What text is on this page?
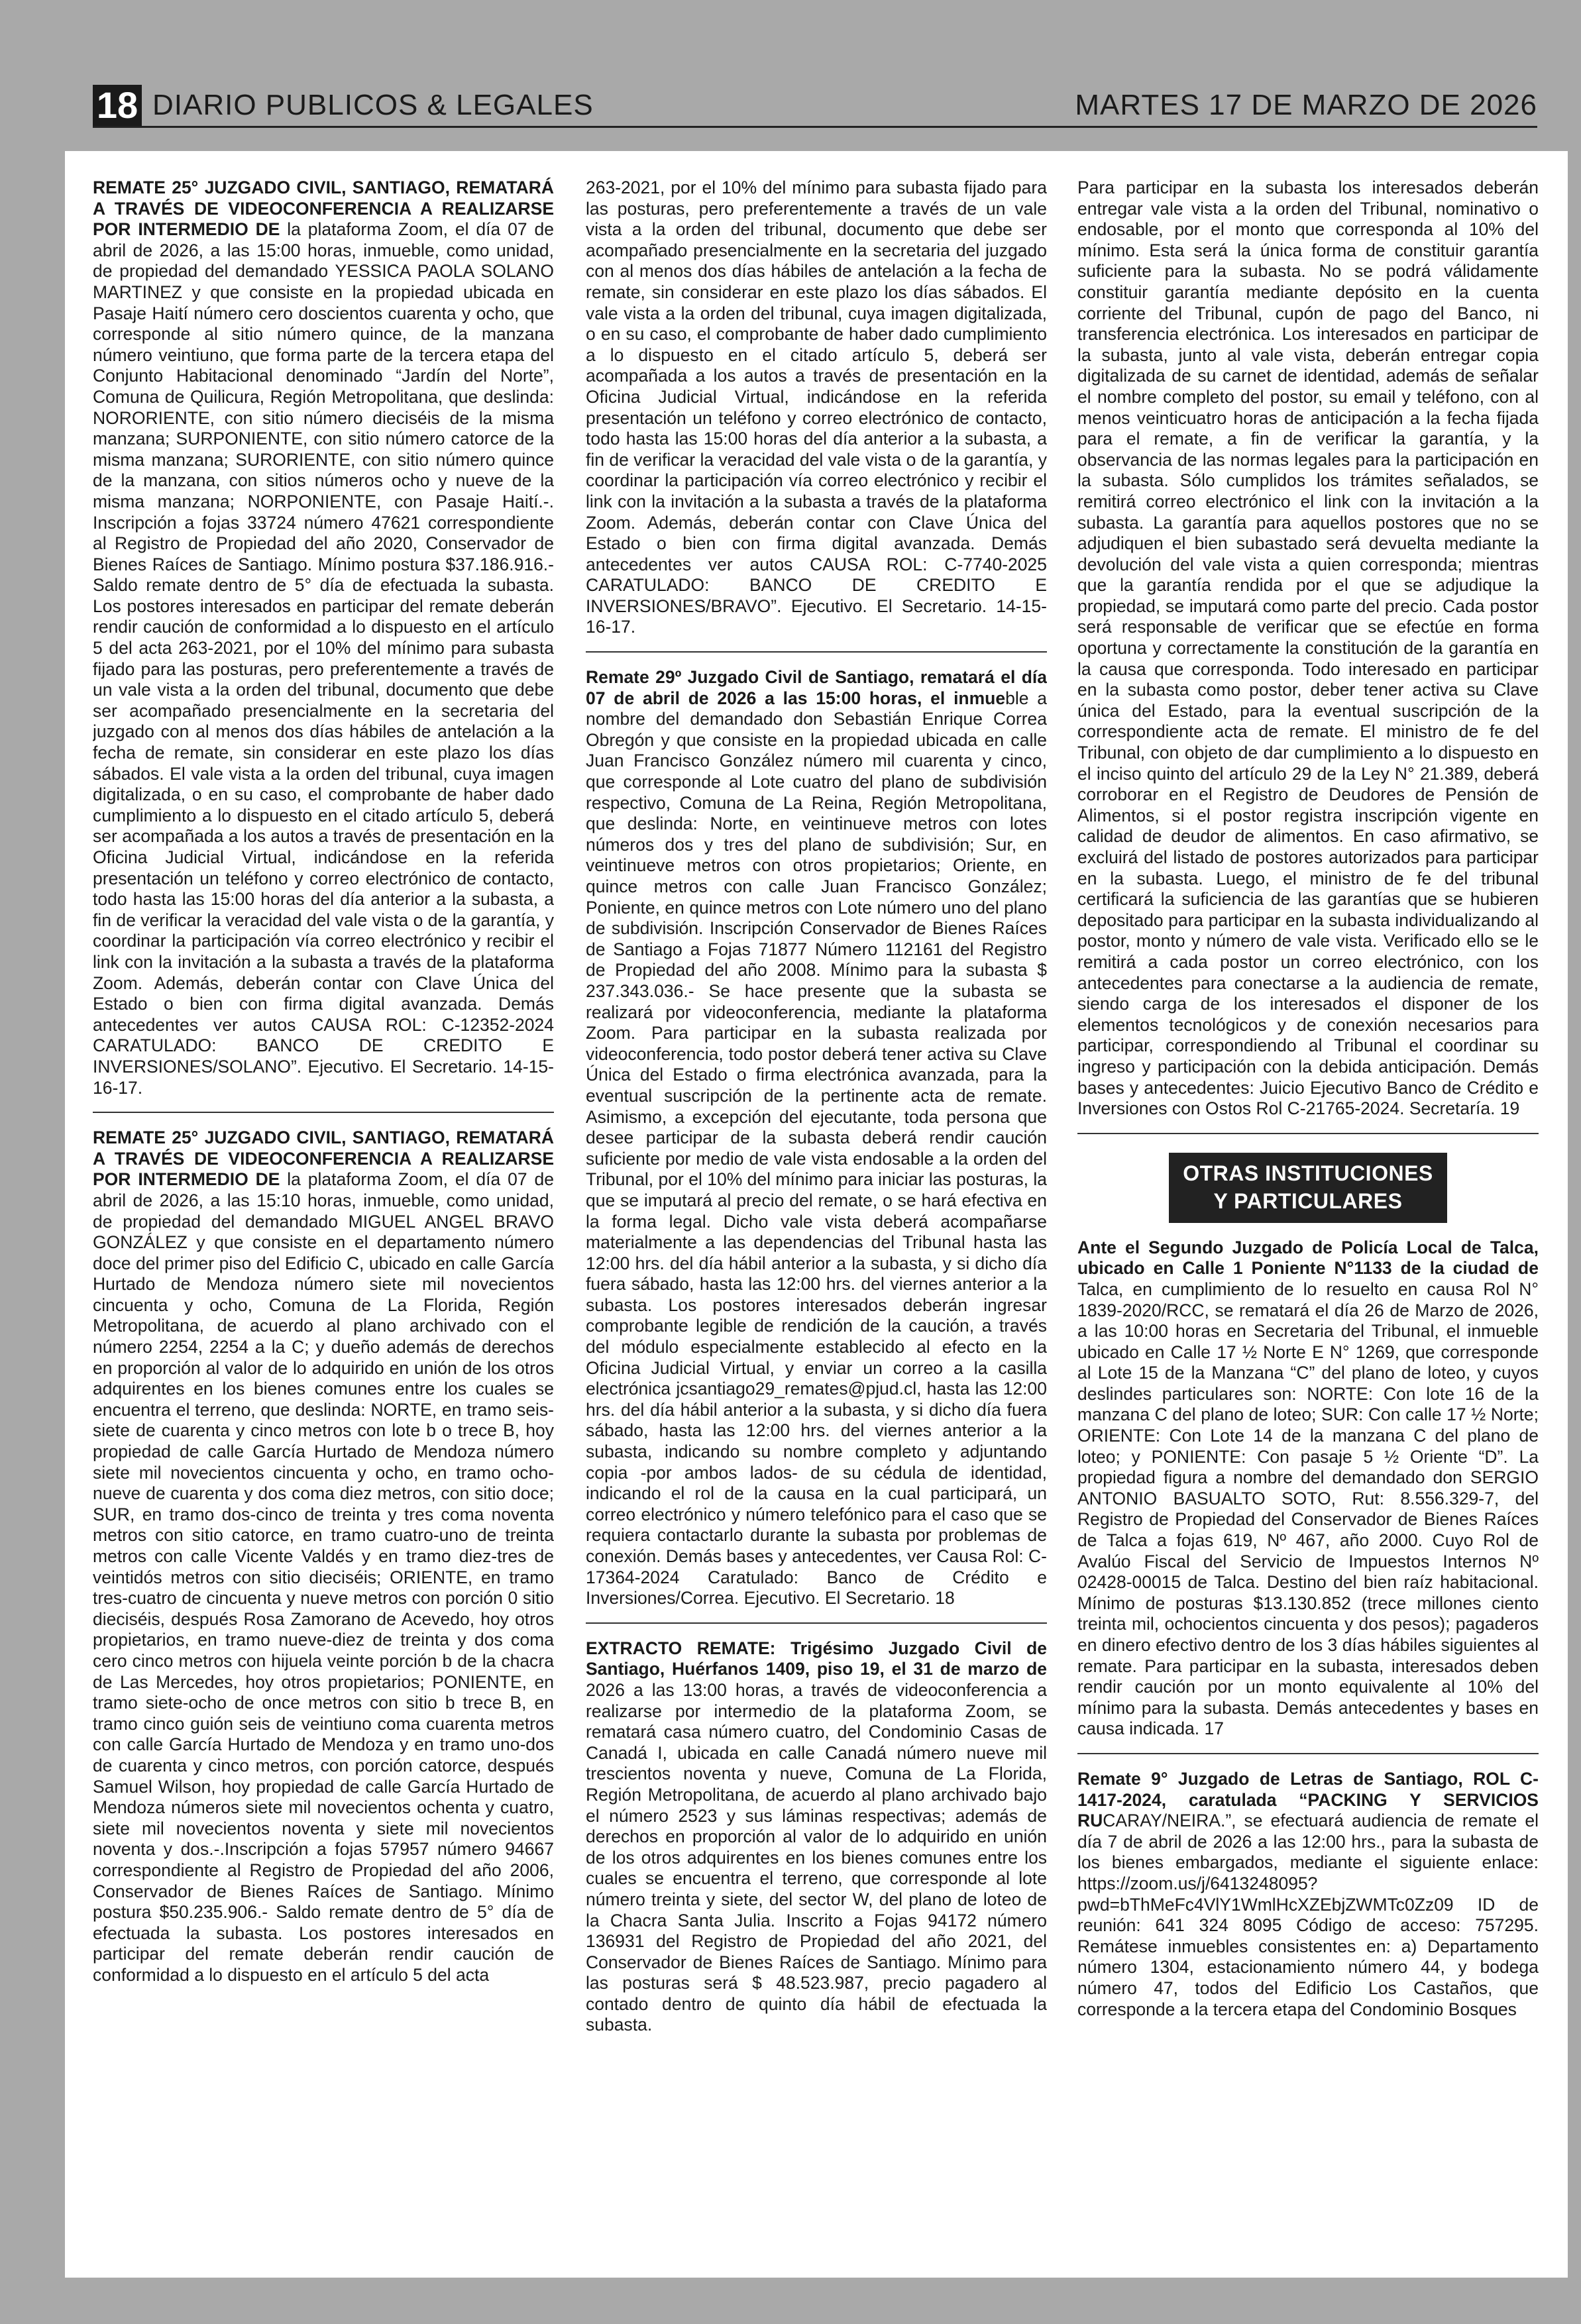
18 DIARIO PUBLICOS & LEGALES	MARTES 17 DE MARZO DE 2026

REMATE 25° JUZGADO CIVIL, SANTIAGO, REMATARÁ A TRAVÉS DE VIDEOCONFERENCIA A REALIZARSE POR INTERMEDIO DE la plataforma Zoom, el día 07 de abril de 2026, a las 15:00 horas, inmueble, como unidad, de propiedad del demandado YESSICA PAOLA SOLANO MARTINEZ y que consiste en la propiedad ubicada en Pasaje Haití número cero doscientos cuarenta y ocho, que corresponde al sitio número quince, de la manzana número veintiuno, que forma parte de la tercera etapa del Conjunto Habitacional denominado “Jardín del Norte”, Comuna de Quilicura, Región Metropolitana, que deslinda: NORORIENTE, con sitio número dieciséis de la misma manzana; SURPONIENTE, con sitio número catorce de la misma manzana; SURORIENTE, con sitio número quince de la manzana, con sitios números ocho y nueve de la misma manzana; NORPONIENTE, con Pasaje Haití.-. Inscripción a fojas 33724 número 47621 correspondiente al Registro de Propiedad del año 2020, Conservador de Bienes Raíces de Santiago. Mínimo postura $37.186.916.- Saldo remate dentro de 5° día de efectuada la subasta. Los postores interesados en participar del remate deberán rendir caución de conformidad a lo dispuesto en el artículo 5 del acta 263-2021, por el 10% del mínimo para subasta fijado para las posturas, pero preferentemente a través de un vale vista a la orden del tribunal, documento que debe ser acompañado presencialmente en la secretaria del juzgado con al menos dos días hábiles de antelación a la fecha de remate, sin considerar en este plazo los días sábados. El vale vista a la orden del tribunal, cuya imagen digitalizada, o en su caso, el comprobante de haber dado cumplimiento a lo dispuesto en el citado artículo 5, deberá ser acompañada a los autos a través de presentación en la Oficina Judicial Virtual, indicándose en la referida presentación un teléfono y correo electrónico de contacto, todo hasta las 15:00 horas del día anterior a la subasta, a fin de verificar la veracidad del vale vista o de la garantía, y coordinar la participación vía correo electrónico y recibir el link con la invitación a la subasta a través de la plataforma Zoom. Además, deberán contar con Clave Única del Estado o bien con firma digital avanzada. Demás antecedentes ver autos CAUSA ROL: C-12352-2024 CARATULADO: BANCO DE CREDITO E INVERSIONES/SOLANO”. Ejecutivo. El Secretario. 14-15-16-17.

REMATE 25° JUZGADO CIVIL, SANTIAGO, REMATARÁ A TRAVÉS DE VIDEOCONFERENCIA A REALIZARSE POR INTERMEDIO DE la plataforma Zoom, el día 07 de abril de 2026, a las 15:10 horas, inmueble, como unidad, de propiedad del demandado MIGUEL ANGEL BRAVO GONZÁLEZ y que consiste en el departamento número doce del primer piso del Edificio C, ubicado en calle García Hurtado de Mendoza número siete mil novecientos cincuenta y ocho, Comuna de La Florida, Región Metropolitana, de acuerdo al plano archivado con el número 2254, 2254 a la C; y dueño además de derechos en proporción al valor de lo adquirido en unión de los otros adquirentes en los bienes comunes entre los cuales se encuentra el terreno, que deslinda: NORTE, en tramo seis-siete de cuarenta y cinco metros con lote b o trece B, hoy propiedad de calle García Hurtado de Mendoza número siete mil novecientos cincuenta y ocho, en tramo ocho-nueve de cuarenta y dos coma diez metros, con sitio doce; SUR, en tramo dos-cinco de treinta y tres coma noventa metros con sitio catorce, en tramo cuatro-uno de treinta metros con calle Vicente Valdés y en tramo diez-tres de veintidós metros con sitio dieciséis; ORIENTE, en tramo tres-cuatro de cincuenta y nueve metros con porción 0 sitio dieciséis, después Rosa Zamorano de Acevedo, hoy otros propietarios, en tramo nueve-diez de treinta y dos coma cero cinco metros con hijuela veinte porción b de la chacra de Las Mercedes, hoy otros propietarios; PONIENTE, en tramo siete-ocho de once metros con sitio b trece B, en tramo cinco guión seis de veintiuno coma cuarenta metros con calle García Hurtado de Mendoza y en tramo uno-dos de cuarenta y cinco metros, con porción catorce, después Samuel Wilson, hoy propiedad de calle García Hurtado de Mendoza números siete mil novecientos ochenta y cuatro, siete mil novecientos noventa y siete mil novecientos noventa y dos.-.Inscripción a fojas 57957 número 94667 correspondiente al Registro de Propiedad del año 2006, Conservador de Bienes Raíces de Santiago. Mínimo postura $50.235.906.- Saldo remate dentro de 5° día de efectuada la subasta. Los postores interesados en participar del remate deberán rendir caución de conformidad a lo dispuesto en el artículo 5 del acta

263-2021, por el 10% del mínimo para subasta fijado para las posturas, pero preferentemente a través de un vale vista a la orden del tribunal, documento que debe ser acompañado presencialmente en la secretaria del juzgado con al menos dos días hábiles de antelación a la fecha de remate, sin considerar en este plazo los días sábados. El vale vista a la orden del tribunal, cuya imagen digitalizada, o en su caso, el comprobante de haber dado cumplimiento a lo dispuesto en el citado artículo 5, deberá ser acompañada a los autos a través de presentación en la Oficina Judicial Virtual, indicándose en la referida presentación un teléfono y correo electrónico de contacto, todo hasta las 15:00 horas del día anterior a la subasta, a fin de verificar la veracidad del vale vista o de la garantía, y coordinar la participación vía correo electrónico y recibir el link con la invitación a la subasta a través de la plataforma Zoom. Además, deberán contar con Clave Única del Estado o bien con firma digital avanzada. Demás antecedentes ver autos CAUSA ROL: C-7740-2025 CARATULADO: BANCO DE CREDITO E INVERSIONES/BRAVO”. Ejecutivo. El Secretario. 14-15-16-17.

Remate 29º Juzgado Civil de Santiago, rematará el día 07 de abril de 2026 a las 15:00 horas, el inmueble a nombre del demandado don Sebastián Enrique Correa Obregón y que consiste en la propiedad ubicada en calle Juan Francisco González número mil cuarenta y cinco, que corresponde al Lote cuatro del plano de subdivisión respectivo, Comuna de La Reina, Región Metropolitana, que deslinda: Norte, en veintinueve metros con lotes números dos y tres del plano de subdivisión; Sur, en veintinueve metros con otros propietarios; Oriente, en quince metros con calle Juan Francisco González; Poniente, en quince metros con Lote número uno del plano de subdivisión. Inscripción Conservador de Bienes Raíces de Santiago a Fojas 71877 Número 112161 del Registro de Propiedad del año 2008. Mínimo para la subasta $ 237.343.036.- Se hace presente que la subasta se realizará por videoconferencia, mediante la plataforma Zoom. Para participar en la subasta realizada por videoconferencia, todo postor deberá tener activa su Clave Única del Estado o firma electrónica avanzada, para la eventual suscripción de la pertinente acta de remate. Asimismo, a excepción del ejecutante, toda persona que desee participar de la subasta deberá rendir caución suficiente por medio de vale vista endosable a la orden del Tribunal, por el 10% del mínimo para iniciar las posturas, la que se imputará al precio del remate, o se hará efectiva en la forma legal. Dicho vale vista deberá acompañarse materialmente a las dependencias del Tribunal hasta las 12:00 hrs. del día hábil anterior a la subasta, y si dicho día fuera sábado, hasta las 12:00 hrs. del viernes anterior a la subasta. Los postores interesados deberán ingresar comprobante legible de rendición de la caución, a través del módulo especialmente establecido al efecto en la Oficina Judicial Virtual, y enviar un correo a la casilla electrónica jcsantiago29_remates@pjud.cl, hasta las 12:00 hrs. del día hábil anterior a la subasta, y si dicho día fuera sábado, hasta las 12:00 hrs. del viernes anterior a la subasta, indicando su nombre completo y adjuntando copia -por ambos lados- de su cédula de identidad, indicando el rol de la causa en la cual participará, un correo electrónico y número telefónico para el caso que se requiera contactarlo durante la subasta por problemas de conexión. Demás bases y antecedentes, ver Causa Rol: C-17364-2024 Caratulado: Banco de Crédito e Inversiones/Correa. Ejecutivo. El Secretario. 18

EXTRACTO REMATE: Trigésimo Juzgado Civil de Santiago, Huérfanos 1409, piso 19, el 31 de marzo de 2026 a las 13:00 horas, a través de videoconferencia a realizarse por intermedio de la plataforma Zoom, se rematará casa número cuatro, del Condominio Casas de Canadá I, ubicada en calle Canadá número nueve mil trescientos noventa y nueve, Comuna de La Florida, Región Metropolitana, de acuerdo al plano archivado bajo el número 2523 y sus láminas respectivas; además de derechos en proporción al valor de lo adquirido en unión de los otros adquirentes en los bienes comunes entre los cuales se encuentra el terreno, que corresponde al lote número treinta y siete, del sector W, del plano de loteo de la Chacra Santa Julia. Inscrito a Fojas 94172 número 136931 del Registro de Propiedad del año 2021, del Conservador de Bienes Raíces de Santiago. Mínimo para las posturas será $ 48.523.987, precio pagadero al contado dentro de quinto día hábil de efectuada la subasta.

Para participar en la subasta los interesados deberán entregar vale vista a la orden del Tribunal, nominativo o endosable, por el monto que corresponda al 10% del mínimo. Esta será la única forma de constituir garantía suficiente para la subasta. No se podrá válidamente constituir garantía mediante depósito en la cuenta corriente del Tribunal, cupón de pago del Banco, ni transferencia electrónica. Los interesados en participar de la subasta, junto al vale vista, deberán entregar copia digitalizada de su carnet de identidad, además de señalar el nombre completo del postor, su email y teléfono, con al menos veinticuatro horas de anticipación a la fecha fijada para el remate, a fin de verificar la garantía, y la observancia de las normas legales para la participación en la subasta. Sólo cumplidos los trámites señalados, se remitirá correo electrónico el link con la invitación a la subasta. La garantía para aquellos postores que no se adjudiquen el bien subastado será devuelta mediante la devolución del vale vista a quien corresponda; mientras que la garantía rendida por el que se adjudique la propiedad, se imputará como parte del precio. Cada postor será responsable de verificar que se efectúe en forma oportuna y correctamente la constitución de la garantía en la causa que corresponda. Todo interesado en participar en la subasta como postor, deber tener activa su Clave única del Estado, para la eventual suscripción de la correspondiente acta de remate. El ministro de fe del Tribunal, con objeto de dar cumplimiento a lo dispuesto en el inciso quinto del artículo 29 de la Ley N° 21.389, deberá corroborar en el Registro de Deudores de Pensión de Alimentos, si el postor registra inscripción vigente en calidad de deudor de alimentos. En caso afirmativo, se excluirá del listado de postores autorizados para participar en la subasta. Luego, el ministro de fe del tribunal certificará la suficiencia de las garantías que se hubieren depositado para participar en la subasta individualizando al postor, monto y número de vale vista. Verificado ello se le remitirá a cada postor un correo electrónico, con los antecedentes para conectarse a la audiencia de remate, siendo carga de los interesados el disponer de los elementos tecnológicos y de conexión necesarios para participar, correspondiendo al Tribunal el coordinar su ingreso y participación con la debida anticipación. Demás bases y antecedentes: Juicio Ejecutivo Banco de Crédito e Inversiones con Ostos Rol C-21765-2024. Secretaría. 19

OTRAS INSTITUCIONES
Y PARTICULARES

Ante el Segundo Juzgado de Policía Local de Talca, ubicado en Calle 1 Poniente N°1133 de la ciudad de Talca, en cumplimiento de lo resuelto en causa Rol N° 1839-2020/RCC, se rematará el día 26 de Marzo de 2026, a las 10:00 horas en Secretaria del Tribunal, el inmueble ubicado en Calle 17 ½ Norte E N° 1269, que corresponde al Lote 15 de la Manzana “C” del plano de loteo, y cuyos deslindes particulares son: NORTE: Con lote 16 de la manzana C del plano de loteo; SUR: Con calle 17 ½ Norte; ORIENTE: Con Lote 14 de la manzana C del plano de loteo; y PONIENTE: Con pasaje 5 ½ Oriente “D”. La propiedad figura a nombre del demandado don SERGIO ANTONIO BASUALTO SOTO, Rut: 8.556.329-7, del Registro de Propiedad del Conservador de Bienes Raíces de Talca a fojas 619, Nº 467, año 2000. Cuyo Rol de Avalúo Fiscal del Servicio de Impuestos Internos Nº 02428-00015 de Talca. Destino del bien raíz habitacional. Mínimo de posturas $13.130.852 (trece millones ciento treinta mil, ochocientos cincuenta y dos pesos); pagaderos en dinero efectivo dentro de los 3 días hábiles siguientes al remate. Para participar en la subasta, interesados deben rendir caución por un monto equivalente al 10% del mínimo para la subasta. Demás antecedentes y bases en causa indicada. 17

Remate 9° Juzgado de Letras de Santiago, ROL C-1417-2024, caratulada “PACKING Y SERVICIOS RUCARAY/NEIRA.”, se efectuará audiencia de remate el día 7 de abril de 2026 a las 12:00 hrs., para la subasta de los bienes embargados, mediante el siguiente enlace: https://zoom.us/j/6413248095?pwd=bThMeFc4VlY1WmlHcXZEbjZWMTc0Zz09 ID de reunión: 641 324 8095 Código de acceso: 757295. Remátese inmuebles consistentes en: a) Departamento número 1304, estacionamiento número 44, y bodega número 47, todos del Edificio Los Castaños, que corresponde a la tercera etapa del Condominio Bosques
